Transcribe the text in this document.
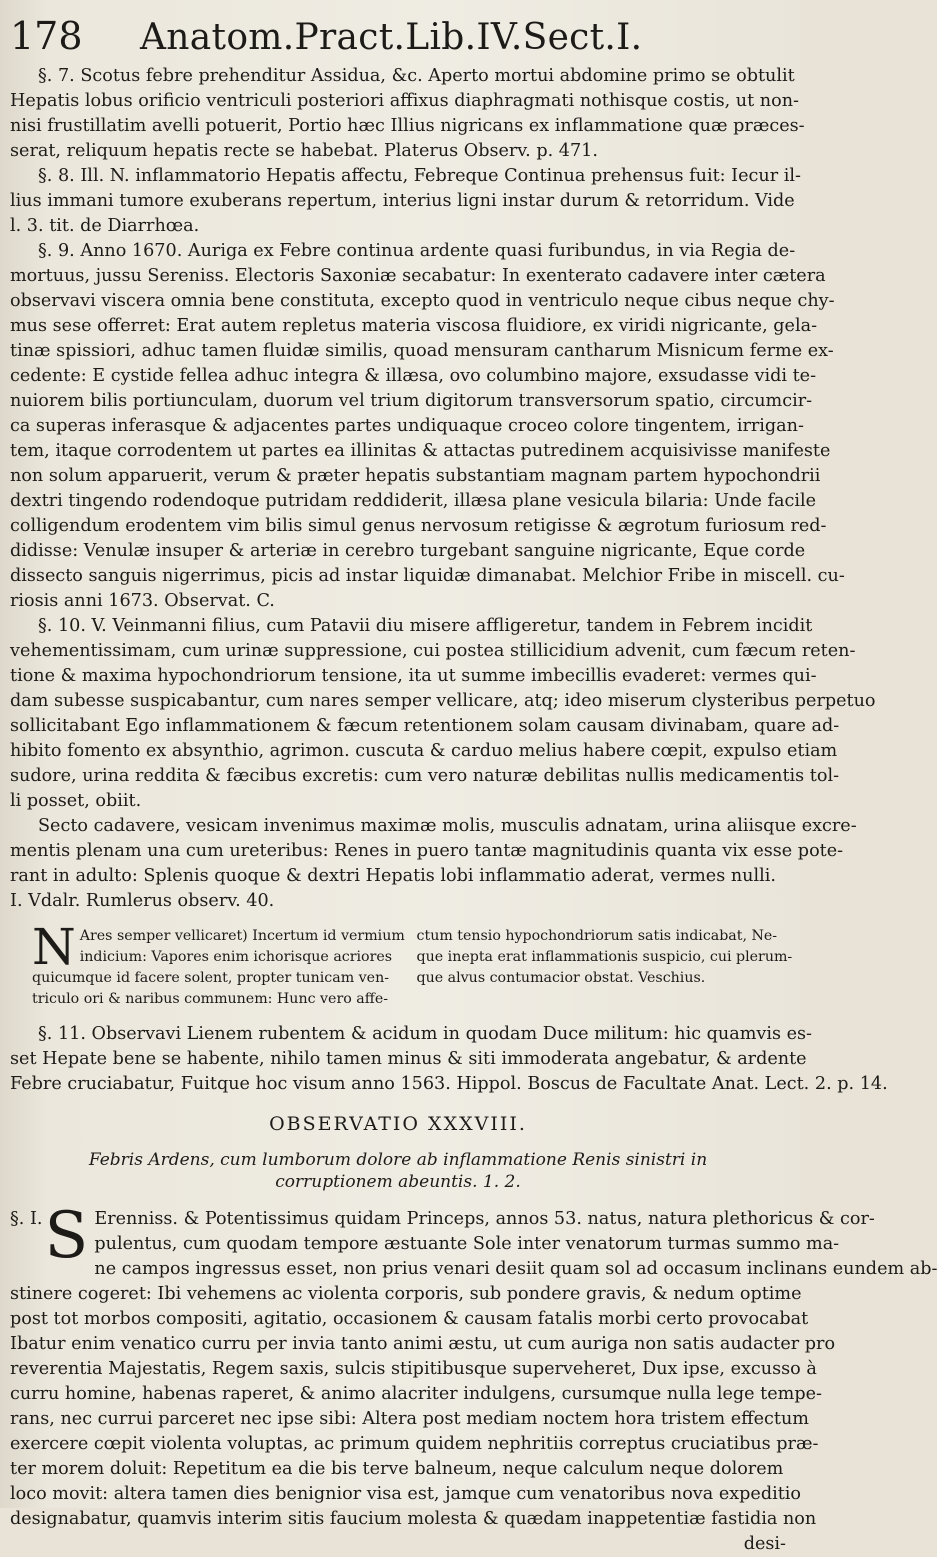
178	Anatom.Pract.Lib.IV.Sect.I.
§. 7. Scotus febre prehenditur Assidua, &c. Aperto mortui abdomine primo se obtulit
Hepatis lobus orificio ventriculi posteriori affixus diaphragmati nothisque costis, ut non-
nisi frustillatim avelli potuerit, Portio hæc Illius nigricans ex inflammatione quæ præces-
serat, reliquum hepatis recte se habebat. Platerus Observ. p. 471.
§. 8. Ill. N. inflammatorio Hepatis affectu, Febreque Continua prehensus fuit: Iecur il-
lius immani tumore exuberans repertum, interius ligni instar durum & retorridum. Vide
l. 3. tit. de Diarrhœa.
§. 9. Anno 1670. Auriga ex Febre continua ardente quasi furibundus, in via Regia de-
mortuus, jussu Sereniss. Electoris Saxoniæ secabatur: In exenterato cadavere inter cætera
observavi viscera omnia bene constituta, excepto quod in ventriculo neque cibus neque chy-
mus sese offerret: Erat autem repletus materia viscosa fluidiore, ex viridi nigricante, gela-
tinæ spissiori, adhuc tamen fluidæ similis, quoad mensuram cantharum Misnicum ferme ex-
cedente: E cystide fellea adhuc integra & illæsa, ovo columbino majore, exsudasse vidi te-
nuiorem bilis portiunculam, duorum vel trium digitorum transversorum spatio, circumcir-
ca superas inferasque & adjacentes partes undiquaque croceo colore tingentem, irrigan-
tem, itaque corrodentem ut partes ea illinitas & attactas putredinem acquisivisse manifeste
non solum apparuerit, verum & præter hepatis substantiam magnam partem hypochondrii
dextri tingendo rodendoque putridam reddiderit, illæsa plane vesicula bilaria: Unde facile
colligendum erodentem vim bilis simul genus nervosum retigisse & ægrotum furiosum red-
didisse: Venulæ insuper & arteriæ in cerebro turgebant sanguine nigricante, Eque corde
dissecto sanguis nigerrimus, picis ad instar liquidæ dimanabat. Melchior Fribe in miscell. cu-
riosis anni 1673. Observat. C.
§. 10. V. Veinmanni filius, cum Patavii diu misere affligeretur, tandem in Febrem incidit
vehementissimam, cum urinæ suppressione, cui postea stillicidium advenit, cum fæcum reten-
tione & maxima hypochondriorum tensione, ita ut summe imbecillis evaderet: vermes qui-
dam subesse suspicabantur, cum nares semper vellicare, atq; ideo miserum clysteribus perpetuo
sollicitabant Ego inflammationem & fæcum retentionem solam causam divinabam, quare ad-
hibito fomento ex absynthio, agrimon. cuscuta & carduo melius habere cœpit, expulso etiam
sudore, urina reddita & fæcibus excretis: cum vero naturæ debilitas nullis medicamentis tol-
li posset, obiit.
Secto cadavere, vesicam invenimus maximæ molis, musculis adnatam, urina aliisque excre-
mentis plenam una cum ureteribus: Renes in puero tantæ magnitudinis quanta vix esse pote-
rant in adulto: Splenis quoque & dextri Hepatis lobi inflammatio aderat, vermes nulli.
I. Vdalr. Rumlerus observ. 40.
N Ares semper vellicaret) Incertum id vermium
indicium: Vapores enim ichorisque acriores
quicumque id facere solent, propter tunicam ven-
triculo ori & naribus communem: Hunc vero affe-
ctum tensio hypochondriorum satis indicabat, Ne-
que inepta erat inflammationis suspicio, cui plerum-
que alvus contumacior obstat. Veschius.
§. 11. Observavi Lienem rubentem & acidum in quodam Duce militum: hic quamvis es-
set Hepate bene se habente, nihilo tamen minus & siti immoderata angebatur, & ardente
Febre cruciabatur, Fuitque hoc visum anno 1563. Hippol. Boscus de Facultate Anat. Lect. 2. p. 14.
OBSERVATIO XXXVIII.
Febris Ardens, cum lumborum dolore ab inflammatione Renis sinistri in
corruptionem abeuntis. 1. 2.
§. I. S Erenniss. & Potentissimus quidam Princeps, annos 53. natus, natura plethoricus & cor-
pulentus, cum quodam tempore æstuante Sole inter venatorum turmas summo ma-
ne campos ingressus esset, non prius venari desiit quam sol ad occasum inclinans eundem ab-
stinere cogeret: Ibi vehemens ac violenta corporis, sub pondere gravis, & nedum optime
post tot morbos compositi, agitatio, occasionem & causam fatalis morbi certo provocabat
Ibatur enim venatico curru per invia tanto animi æstu, ut cum auriga non satis audacter pro
reverentia Majestatis, Regem saxis, sulcis stipitibusque superveheret, Dux ipse, excusso à
curru homine, habenas raperet, & animo alacriter indulgens, cursumque nulla lege tempe-
rans, nec currui parceret nec ipse sibi: Altera post mediam noctem hora tristem effectum
exercere cœpit violenta voluptas, ac primum quidem nephritiis correptus cruciatibus præ-
ter morem doluit: Repetitum ea die bis terve balneum, neque calculum neque dolorem
loco movit: altera tamen dies benignior visa est, jamque cum venatoribus nova expeditio
designabatur, quamvis interim sitis faucium molesta & quædam inappetentiæ fastidia non
desi-
